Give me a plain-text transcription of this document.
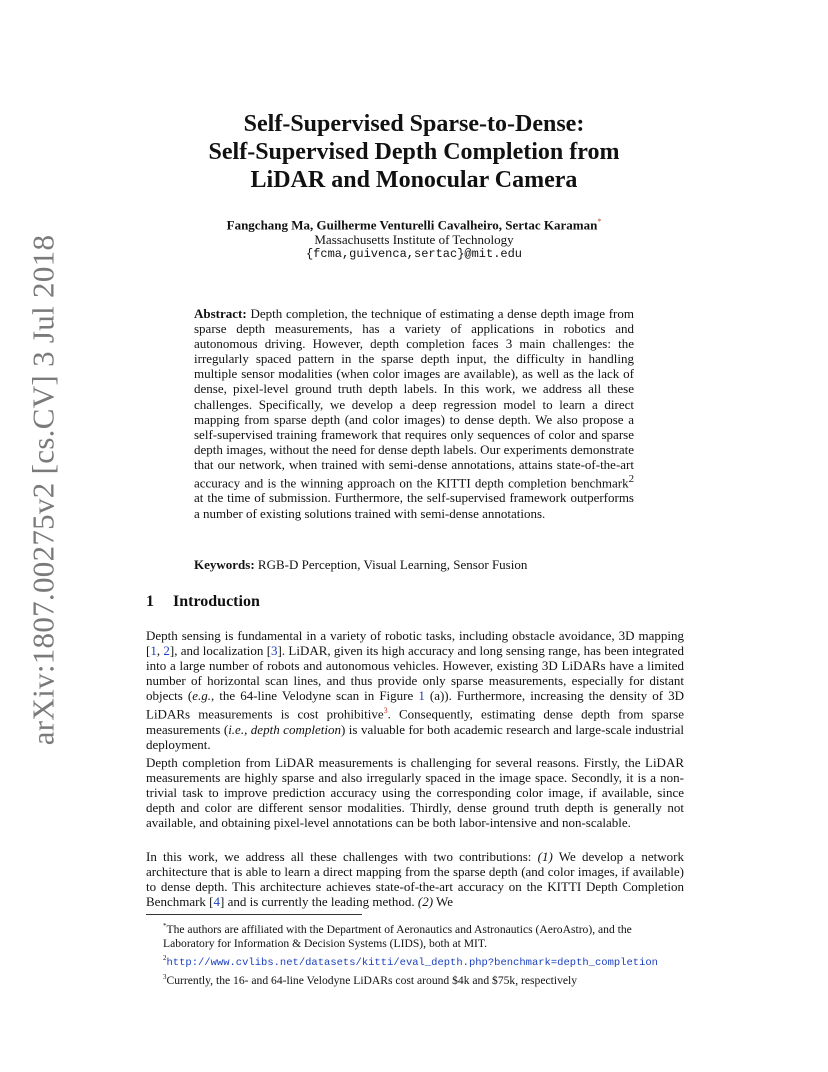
arXiv:1807.00275v2 [cs.CV] 3 Jul 2018
Self-Supervised Sparse-to-Dense:
Self-Supervised Depth Completion from
LiDAR and Monocular Camera
Fangchang Ma, Guilherme Venturelli Cavalheiro, Sertac Karaman*
Massachusetts Institute of Technology
{fcma,guivenca,sertac}@mit.edu
Abstract: Depth completion, the technique of estimating a dense depth image from sparse depth measurements, has a variety of applications in robotics and autonomous driving. However, depth completion faces 3 main challenges: the irregularly spaced pattern in the sparse depth input, the difficulty in handling multiple sensor modalities (when color images are available), as well as the lack of dense, pixel-level ground truth depth labels. In this work, we address all these challenges. Specifically, we develop a deep regression model to learn a direct mapping from sparse depth (and color images) to dense depth. We also propose a self-supervised training framework that requires only sequences of color and sparse depth images, without the need for dense depth labels. Our experiments demonstrate that our network, when trained with semi-dense annotations, attains state-of-the-art accuracy and is the winning approach on the KITTI depth completion benchmark$^2$ at the time of submission. Furthermore, the self-supervised framework outperforms a number of existing solutions trained with semi-dense annotations.
Keywords: RGB-D Perception, Visual Learning, Sensor Fusion
1 Introduction
Depth sensing is fundamental in a variety of robotic tasks, including obstacle avoidance, 3D mapping [1, 2], and localization [3]. LiDAR, given its high accuracy and long sensing range, has been integrated into a large number of robots and autonomous vehicles. However, existing 3D LiDARs have a limited number of horizontal scan lines, and thus provide only sparse measurements, especially for distant objects (e.g., the 64-line Velodyne scan in Figure 1 (a)). Furthermore, increasing the density of 3D LiDARs measurements is cost prohibitive$^3$. Consequently, estimating dense depth from sparse measurements (i.e., depth completion) is valuable for both academic research and large-scale industrial deployment.
Depth completion from LiDAR measurements is challenging for several reasons. Firstly, the LiDAR measurements are highly sparse and also irregularly spaced in the image space. Secondly, it is a non-trivial task to improve prediction accuracy using the corresponding color image, if available, since depth and color are different sensor modalities. Thirdly, dense ground truth depth is generally not available, and obtaining pixel-level annotations can be both labor-intensive and non-scalable.
In this work, we address all these challenges with two contributions: (1) We develop a network architecture that is able to learn a direct mapping from the sparse depth (and color images, if available) to dense depth. This architecture achieves state-of-the-art accuracy on the KITTI Depth Completion Benchmark [4] and is currently the leading method. (2) We
*The authors are affiliated with the Department of Aeronautics and Astronautics (AeroAstro), and the Laboratory for Information & Decision Systems (LIDS), both at MIT.
$^2$http://www.cvlibs.net/datasets/kitti/eval_depth.php?benchmark=depth_completion
$^3$Currently, the 16- and 64-line Velodyne LiDARs cost around $4k and $75k, respectively
